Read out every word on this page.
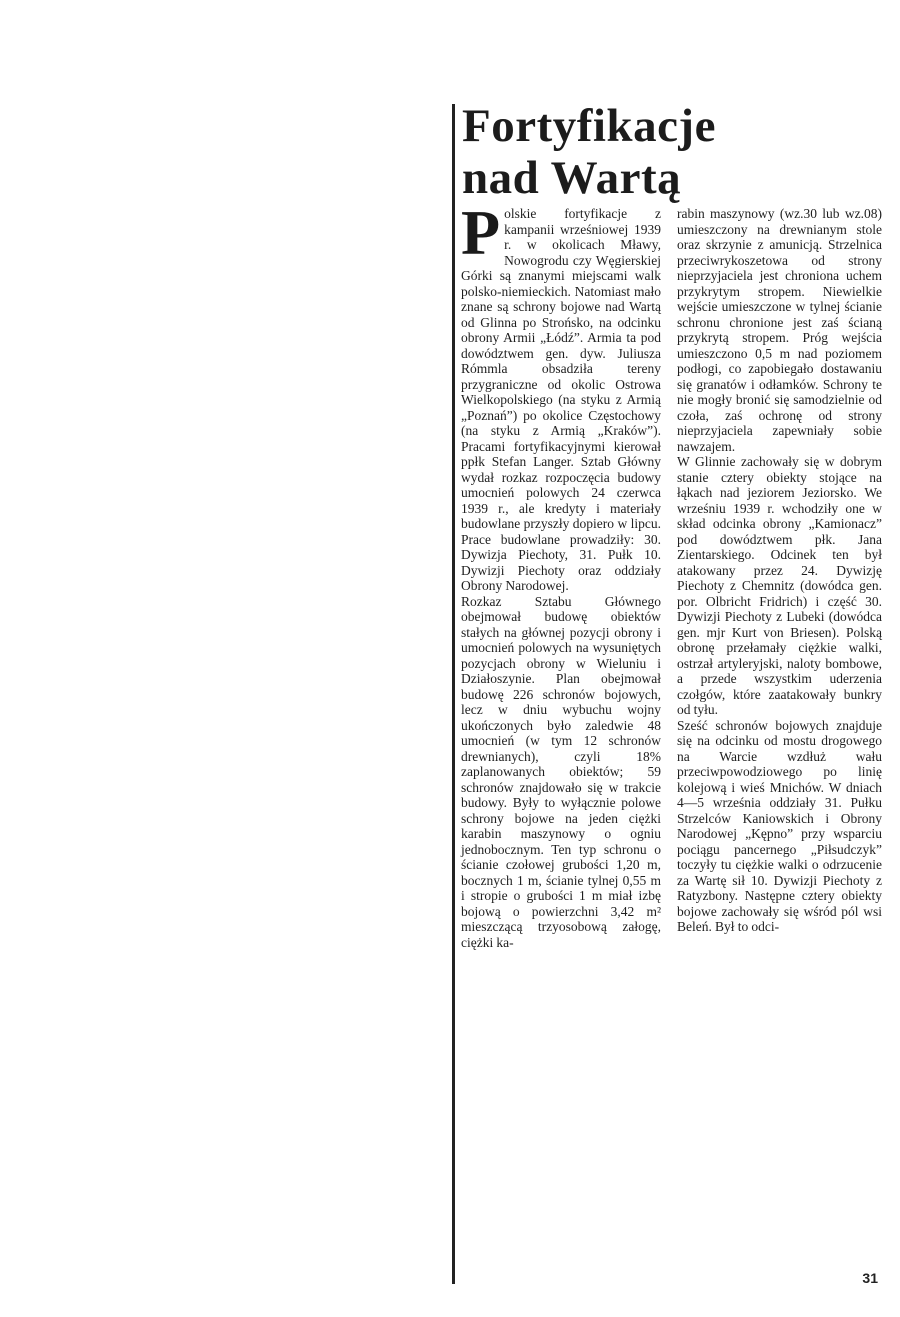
Fortyfikacje
nad Wartą

Polskie fortyfikacje z kampanii wrześniowej 1939 r. w okolicach Mławy, Nowogrodu czy Węgierskiej Górki są znanymi miejscami walk polsko-niemieckich. Natomiast mało znane są schrony bojowe nad Wartą od Glinna po Strońsko, na odcinku obrony Armii „Łódź”. Armia ta pod dowództwem gen. dyw. Juliusza Rómmla obsadziła tereny przygraniczne od okolic Ostrowa Wielkopolskiego (na styku z Armią „Poznań”) po okolice Częstochowy (na styku z Armią „Kraków”). Pracami fortyfikacyjnymi kierował ppłk Stefan Langer. Sztab Główny wydał rozkaz rozpoczęcia budowy umocnień polowych 24 czerwca 1939 r., ale kredyty i materiały budowlane przyszły dopiero w lipcu. Prace budowlane prowadziły: 30. Dywizja Piechoty, 31. Pułk 10. Dywizji Piechoty oraz oddziały Obrony Narodowej.

Rozkaz Sztabu Głównego obejmował budowę obiektów stałych na głównej pozycji obrony i umocnień polowych na wysuniętych pozycjach obrony w Wieluniu i Działoszynie. Plan obejmował budowę 226 schronów bojowych, lecz w dniu wybuchu wojny ukończonych było zaledwie 48 umocnień (w tym 12 schronów drewnianych), czyli 18% zaplanowanych obiektów; 59 schronów znajdowało się w trakcie budowy. Były to wyłącznie polowe schrony bojowe na jeden ciężki karabin maszynowy o ogniu jednobocznym. Ten typ schronu o ścianie czołowej grubości 1,20 m, bocznych 1 m, ścianie tylnej 0,55 m i stropie o grubości 1 m miał izbę bojową o powierzchni 3,42 m² mieszczącą trzyosobową załogę, ciężki ka-

rabin maszynowy (wz.30 lub wz.08) umieszczony na drewnianym stole oraz skrzynie z amunicją. Strzelnica przeciwrykoszetowa od strony nieprzyjaciela jest chroniona uchem przykrytym stropem. Niewielkie wejście umieszczone w tylnej ścianie schronu chronione jest zaś ścianą przykrytą stropem. Próg wejścia umieszczono 0,5 m nad poziomem podłogi, co zapobiegało dostawaniu się granatów i odłamków. Schrony te nie mogły bronić się samodzielnie od czoła, zaś ochronę od strony nieprzyjaciela zapewniały sobie nawzajem.

W Glinnie zachowały się w dobrym stanie cztery obiekty stojące na łąkach nad jeziorem Jeziorsko. We wrześniu 1939 r. wchodziły one w skład odcinka obrony „Kamionacz” pod dowództwem płk. Jana Zientarskiego. Odcinek ten był atakowany przez 24. Dywizję Piechoty z Chemnitz (dowódca gen. por. Olbricht Fridrich) i część 30. Dywizji Piechoty z Lubeki (dowódca gen. mjr Kurt von Briesen). Polską obronę przełamały ciężkie walki, ostrzał artyleryjski, naloty bombowe, a przede wszystkim uderzenia czołgów, które zaatakowały bunkry od tyłu.

Sześć schronów bojowych znajduje się na odcinku od mostu drogowego na Warcie wzdłuż wału przeciwpowodziowego po linię kolejową i wieś Mnichów. W dniach 4—5 września oddziały 31. Pułku Strzelców Kaniowskich i Obrony Narodowej „Kępno” przy wsparciu pociągu pancernego „Piłsudczyk” toczyły tu ciężkie walki o odrzucenie za Wartę sił 10. Dywizji Piechoty z Ratyzbony. Następne cztery obiekty bojowe zachowały się wśród pól wsi Beleń. Był to odci-

31
